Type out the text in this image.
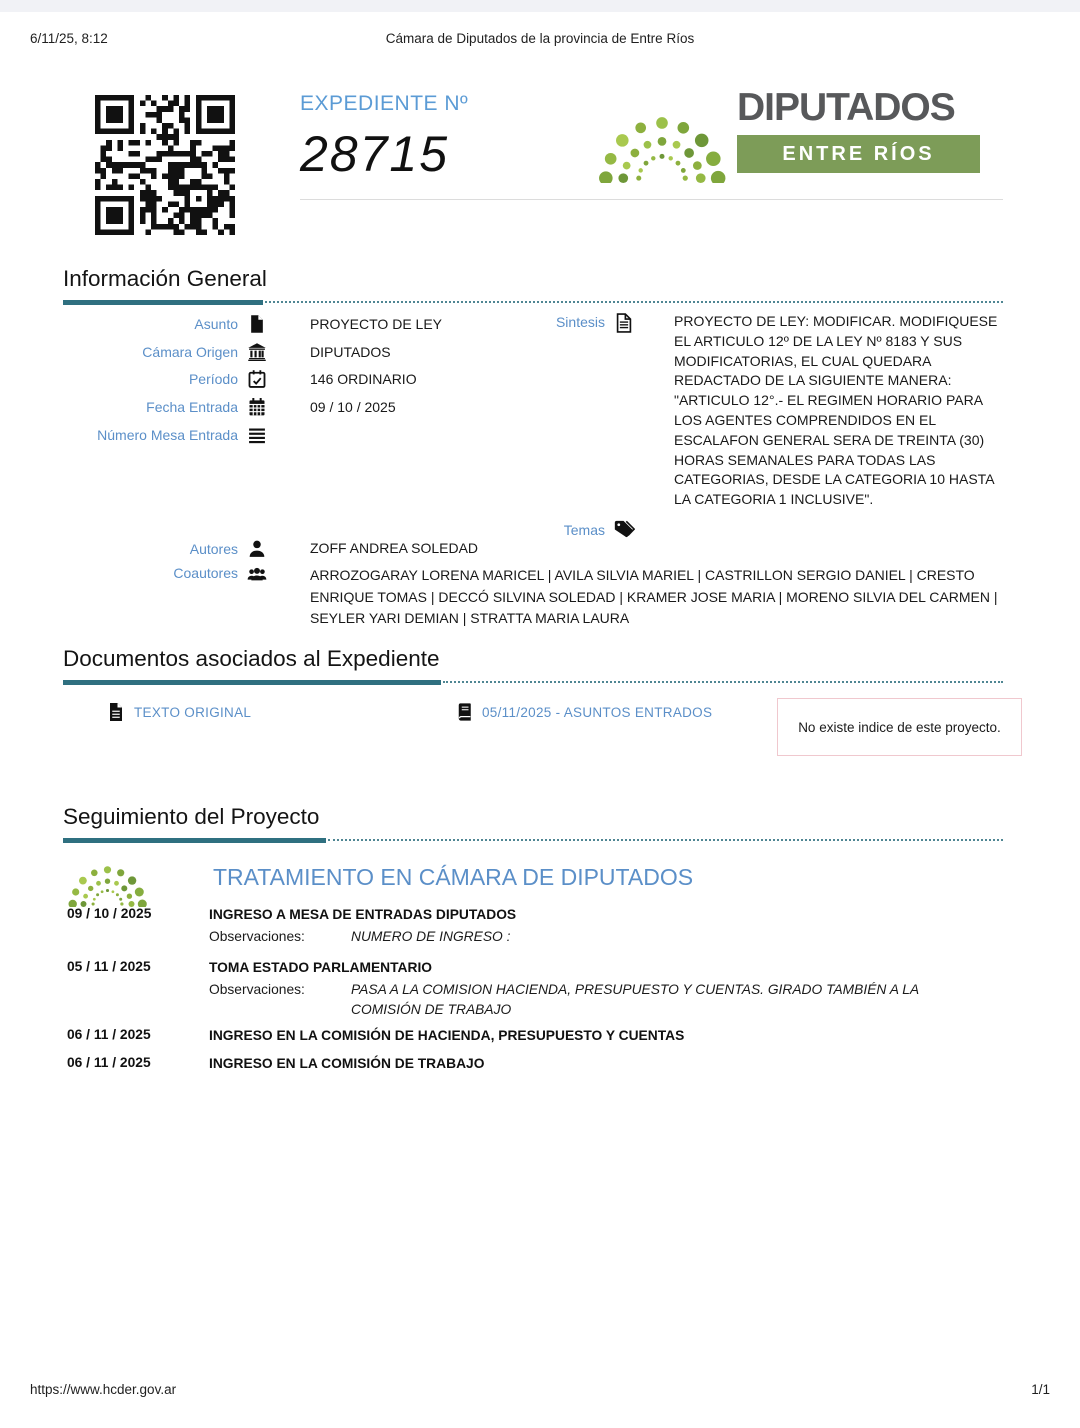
6/11/25, 8:12	Cámara de Diputados de la provincia de Entre Ríos
EXPEDIENTE Nº
28715
DIPUTADOS
ENTRE RÍOS
Información General
Asunto	PROYECTO DE LEY
Cámara Origen	DIPUTADOS
Período	146 ORDINARIO
Fecha Entrada	09 / 10 / 2025
Número Mesa Entrada
Sintesis	PROYECTO DE LEY: MODIFICAR. MODIFIQUESE EL ARTICULO 12º DE LA LEY Nº 8183 Y SUS MODIFICATORIAS, EL CUAL QUEDARA REDACTADO DE LA SIGUIENTE MANERA: "ARTICULO 12°.- EL REGIMEN HORARIO PARA LOS AGENTES COMPRENDIDOS EN EL ESCALAFON GENERAL SERA DE TREINTA (30) HORAS SEMANALES PARA TODAS LAS CATEGORIAS, DESDE LA CATEGORIA 10 HASTA LA CATEGORIA 1 INCLUSIVE".
Temas
Autores	ZOFF ANDREA SOLEDAD
Coautores	ARROZOGARAY LORENA MARICEL | AVILA SILVIA MARIEL | CASTRILLON SERGIO DANIEL | CRESTO ENRIQUE TOMAS | DECCÓ SILVINA SOLEDAD | KRAMER JOSE MARIA | MORENO SILVIA DEL CARMEN | SEYLER YARI DEMIAN | STRATTA MARIA LAURA
Documentos asociados al Expediente
TEXTO ORIGINAL	05/11/2025 - ASUNTOS ENTRADOS
No existe indice de este proyecto.
Seguimiento del Proyecto
TRATAMIENTO EN CÁMARA DE DIPUTADOS
09 / 10 / 2025	INGRESO A MESA DE ENTRADAS DIPUTADOS
Observaciones:	NUMERO DE INGRESO :
05 / 11 / 2025	TOMA ESTADO PARLAMENTARIO
Observaciones:	PASA A LA COMISION HACIENDA, PRESUPUESTO Y CUENTAS. GIRADO TAMBIÉN A LA COMISIÓN DE TRABAJO
06 / 11 / 2025	INGRESO EN LA COMISIÓN DE HACIENDA, PRESUPUESTO Y CUENTAS
06 / 11 / 2025	INGRESO EN LA COMISIÓN DE TRABAJO
https://www.hcder.gov.ar	1/1
